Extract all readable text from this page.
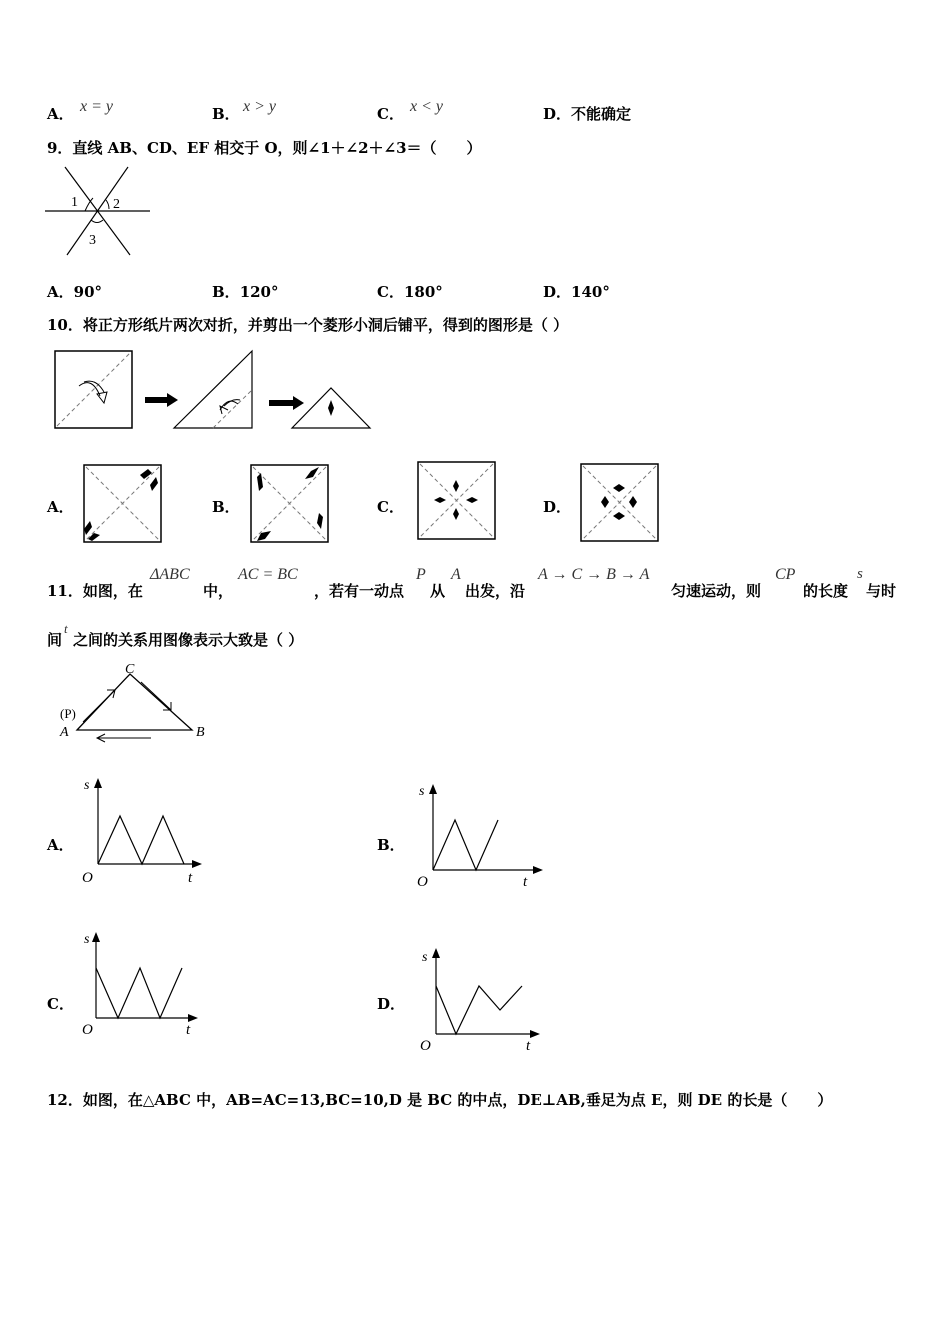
A． x = y	B． x > y	C． x < y	D．不能确定
9．直线 AB、CD、EF 相交于 O，则∠1＋∠2＋∠3＝（　　）
1	2
3
A．90°	B．120°	C．180°	D．140°
10．将正方形纸片两次对折，并剪出一个菱形小洞后铺平，得到的图形是（ ）
A．	B．	C．	D．
11．如图，在
ΔABC
中，
AC = BC
，若有一动点
P
从
A
出发，沿
A → C → B → A
匀速运动，则
CP
的长度
s
与时
间
t
之间的关系用图像表示大致是（ ）
C
(P)
A	B
A．
s
O	t
B．
s
O	t
C．
s
O	t
D．
s
O	t
12．如图，在△ABC 中，AB=AC=13,BC=10,D 是 BC 的中点，DE⊥AB,垂足为点 E，则 DE 的长是（　　）
